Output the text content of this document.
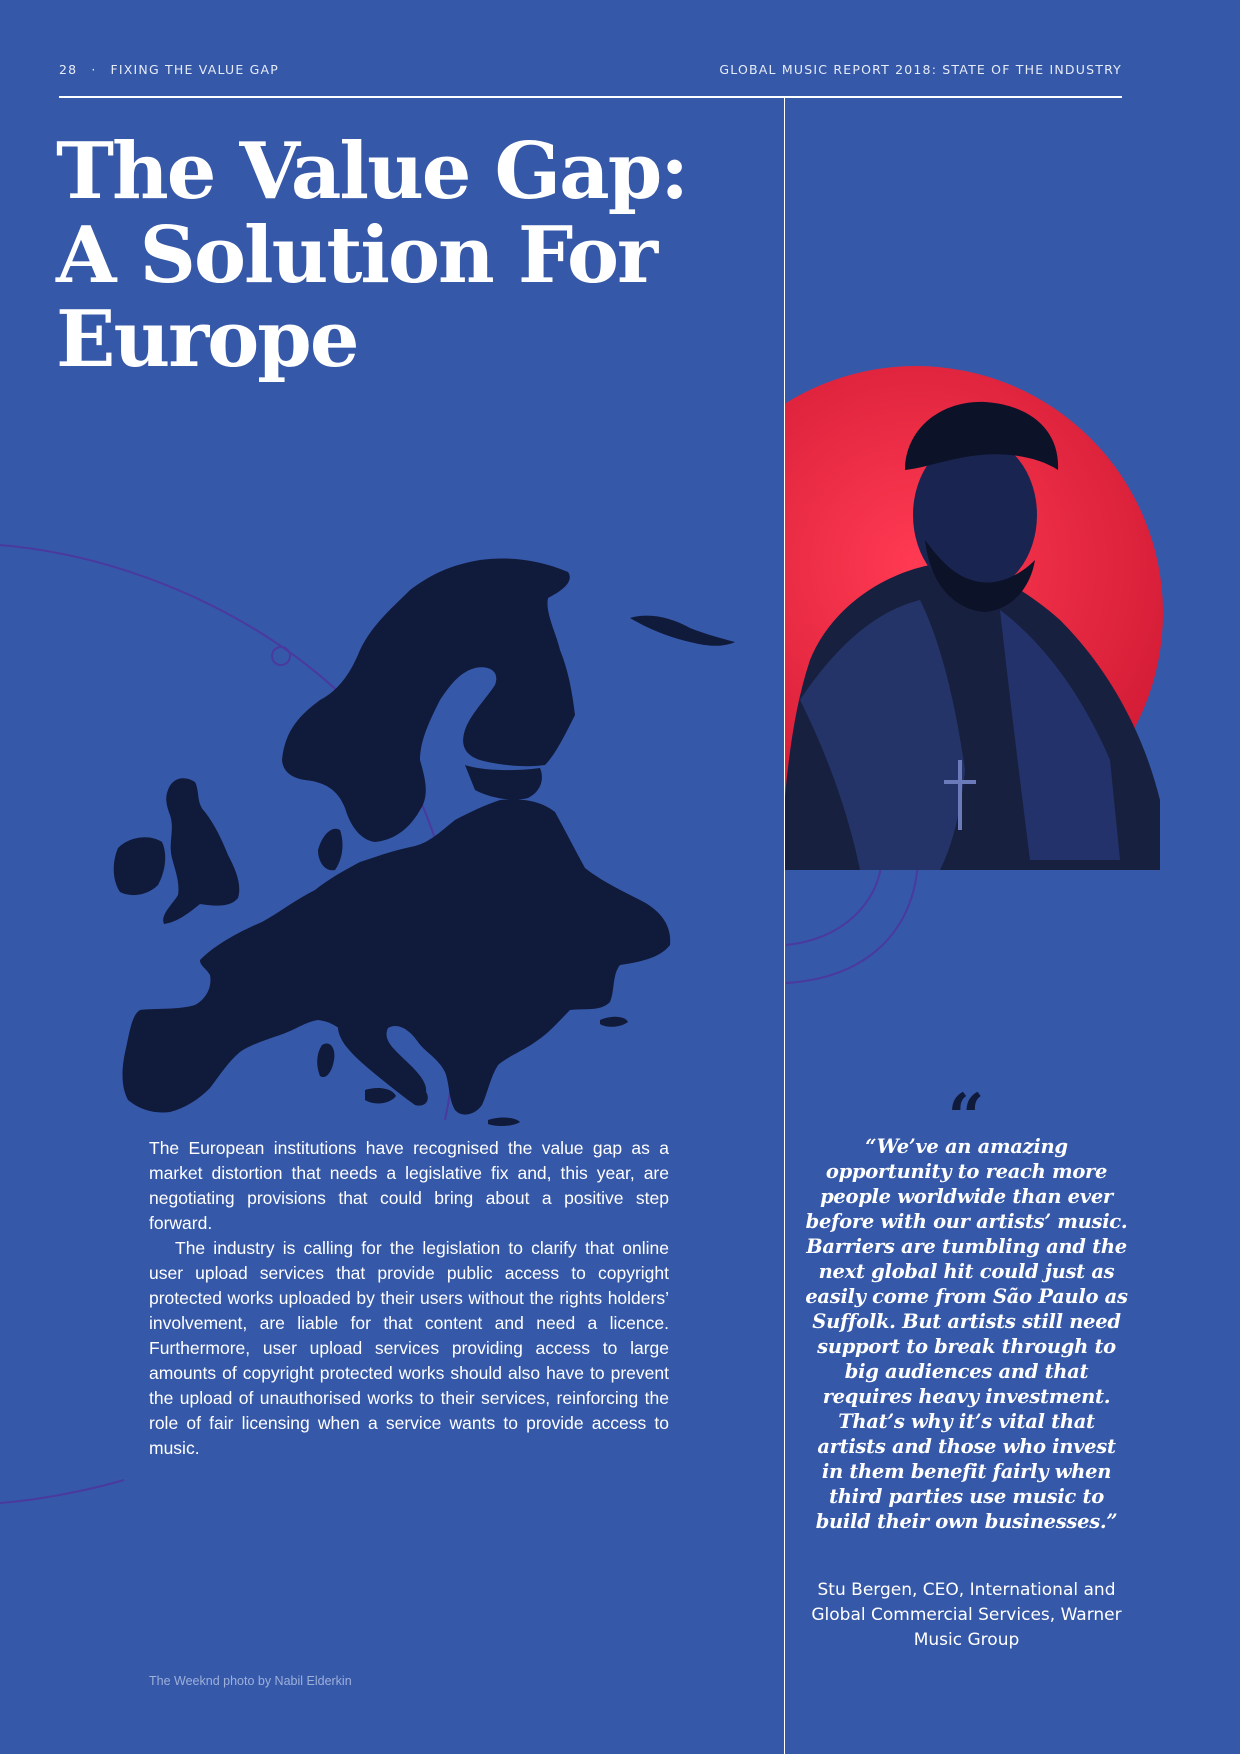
28 · FIXING THE VALUE GAP	GLOBAL MUSIC REPORT 2018: STATE OF THE INDUSTRY
The Value Gap:
A Solution For
Europe

The European institutions have recognised the value gap as a market distortion that needs a legislative fix and, this year, are negotiating provisions that could bring about a positive step forward.

The industry is calling for the legislation to clarify that online user upload services that provide public access to copyright protected works uploaded by their users without the rights holders’ involvement, are liable for that content and need a licence. Furthermore, user upload services providing access to large amounts of copyright protected works should also have to prevent the upload of unauthorised works to their services, reinforcing the role of fair licensing when a service wants to provide access to music.

The Weeknd photo by Nabil Elderkin
“

“We’ve an amazing opportunity to reach more people worldwide than ever before with our artists’ music. Barriers are tumbling and the next global hit could just as easily come from São Paulo as Suffolk. But artists still need support to break through to big audiences and that requires heavy investment. That’s why it’s vital that artists and those who invest in them benefit fairly when third parties use music to build their own businesses.”

Stu Bergen, CEO, International and Global Commercial Services, Warner Music Group
